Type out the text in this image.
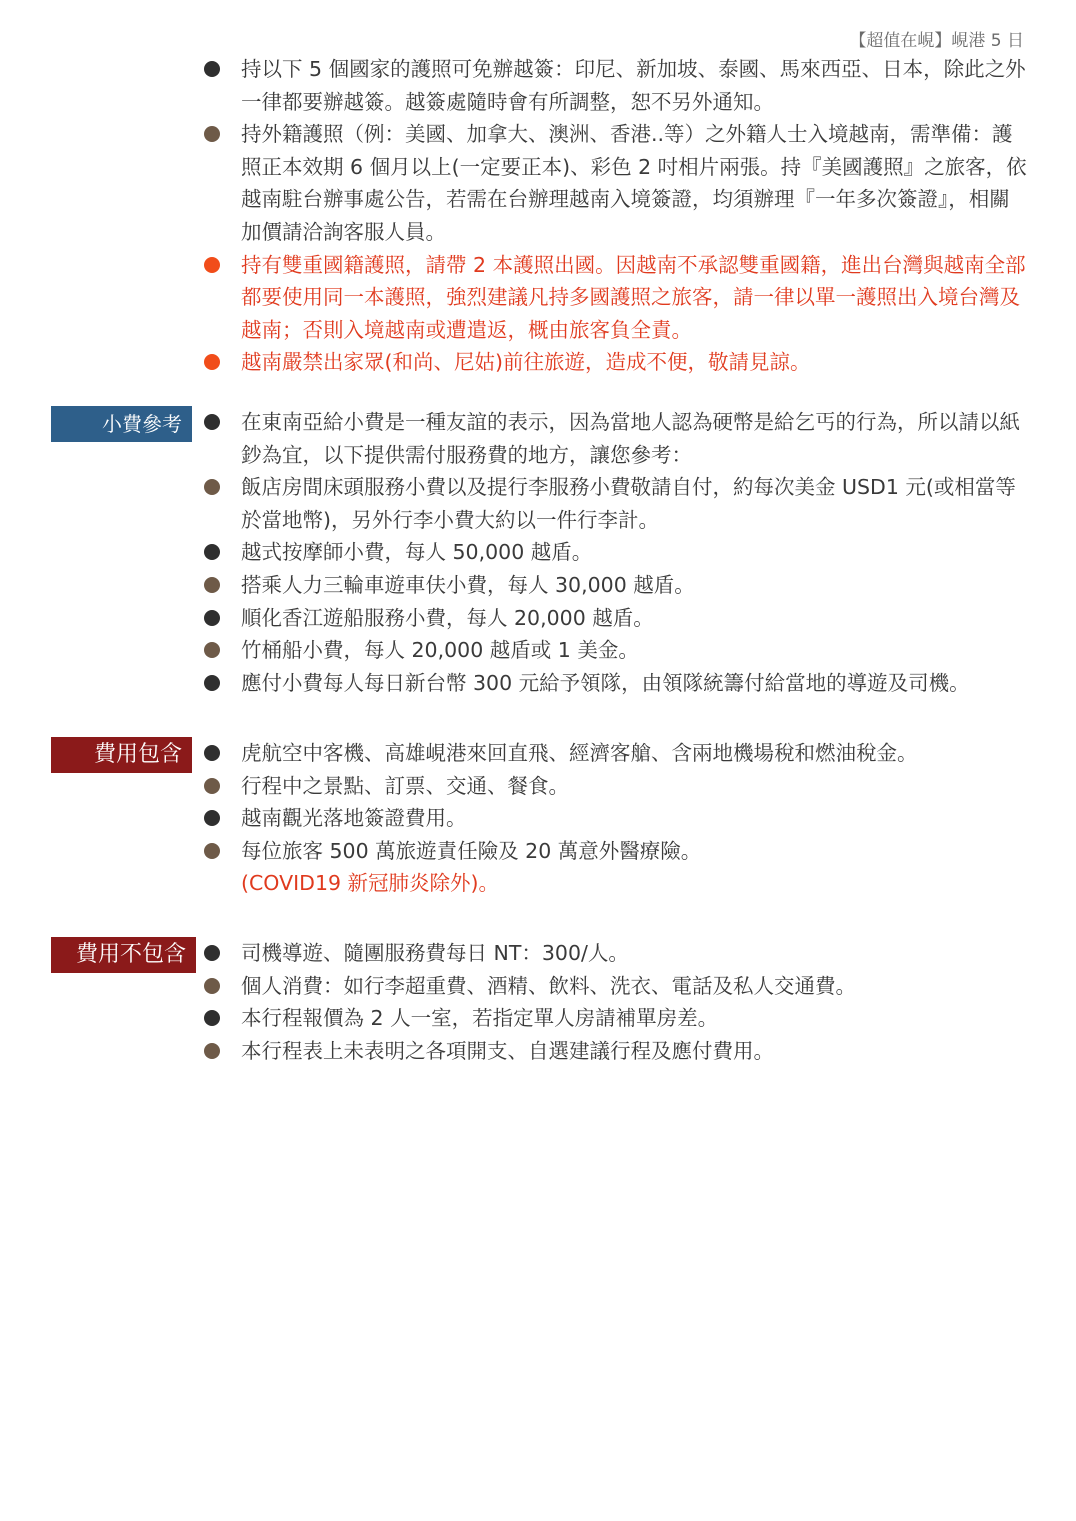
【超值在峴】峴港 5 日
持以下 5 個國家的護照可免辦越簽：印尼、新加坡、泰國、馬來西亞、日本，除此之外一律都要辦越簽。越簽處隨時會有所調整，恕不另外通知。
持外籍護照（例：美國、加拿大、澳洲、香港..等）之外籍人士入境越南，需準備：護照正本效期 6 個月以上(一定要正本)、彩色 2 吋相片兩張。持『美國護照』之旅客，依越南駐台辦事處公告，若需在台辦理越南入境簽證，均須辦理『一年多次簽證』，相關加價請洽詢客服人員。
持有雙重國籍護照，請帶 2 本護照出國。因越南不承認雙重國籍，進出台灣與越南全部都要使用同一本護照，強烈建議凡持多國護照之旅客，請一律以單一護照出入境台灣及越南；否則入境越南或遭遣返，概由旅客負全責。
越南嚴禁出家眾(和尚、尼姑)前往旅遊，造成不便，敬請見諒。
小費參考	在東南亞給小費是一種友誼的表示，因為當地人認為硬幣是給乞丐的行為，所以請以紙鈔為宜，以下提供需付服務費的地方，讓您參考：
飯店房間床頭服務小費以及提行李服務小費敬請自付，約每次美金 USD1 元(或相當等於當地幣)，另外行李小費大約以一件行李計。
越式按摩師小費，每人 50,000 越盾。
搭乘人力三輪車遊車伕小費，每人 30,000 越盾。
順化香江遊船服務小費，每人 20,000 越盾。
竹桶船小費，每人 20,000 越盾或 1 美金。
應付小費每人每日新台幣 300 元給予領隊，由領隊統籌付給當地的導遊及司機。
費用包含	虎航空中客機、高雄峴港來回直飛、經濟客艙、含兩地機場稅和燃油稅金。
行程中之景點、訂票、交通、餐食。
越南觀光落地簽證費用。
每位旅客 500 萬旅遊責任險及 20 萬意外醫療險。
(COVID19 新冠肺炎除外)。
費用不包含	司機導遊、隨團服務費每日 NT：300/人。
個人消費：如行李超重費、酒精、飲料、洗衣、電話及私人交通費。
本行程報價為 2 人一室，若指定單人房請補單房差。
本行程表上未表明之各項開支、自選建議行程及應付費用。
